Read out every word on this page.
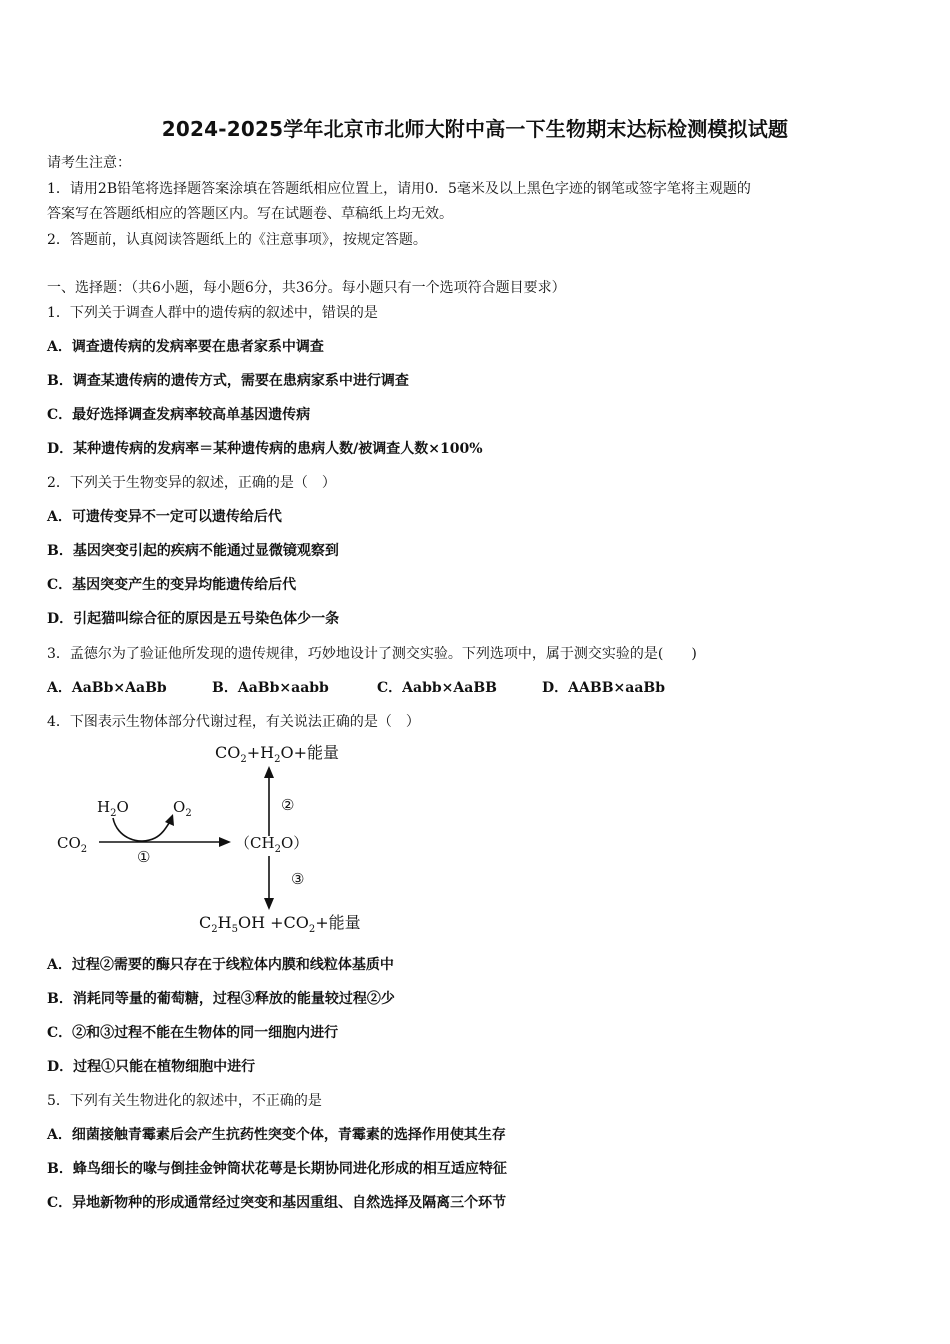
2024-2025学年北京市北师大附中高一下生物期末达标检测模拟试题
请考生注意：
1．请用2B铅笔将选择题答案涂填在答题纸相应位置上，请用0．5毫米及以上黑色字迹的钢笔或签字笔将主观题的
答案写在答题纸相应的答题区内。写在试题卷、草稿纸上均无效。
2．答题前，认真阅读答题纸上的《注意事项》，按规定答题。
一、选择题：（共6小题，每小题6分，共36分。每小题只有一个选项符合题目要求）
1．下列关于调查人群中的遗传病的叙述中，错误的是
A．调查遗传病的发病率要在患者家系中调查
B．调查某遗传病的遗传方式，需要在患病家系中进行调查
C．最好选择调查发病率较高单基因遗传病
D．某种遗传病的发病率＝某种遗传病的患病人数/被调查人数×100%
2．下列关于生物变异的叙述，正确的是（　）
A．可遗传变异不一定可以遗传给后代
B．基因突变引起的疾病不能通过显微镜观察到
C．基因突变产生的变异均能遗传给后代
D．引起猫叫综合征的原因是五号染色体少一条
3．孟德尔为了验证他所发现的遗传规律，巧妙地设计了测交实验。下列选项中，属于测交实验的是(　　)
A．AaBb×AaBb	B．AaBb×aabb	C．Aabb×AaBB	D．AABB×aaBb
4．下图表示生物体部分代谢过程，有关说法正确的是（　）
$CO_2+H_2O+$能量
②
$H_2O$	$O_2$
$CO_2$	①
$(CH_2O)$
③
$C_2H_5OH +CO_2+$能量
A．过程②需要的酶只存在于线粒体内膜和线粒体基质中
B．消耗同等量的葡萄糖，过程③释放的能量较过程②少
C．②和③过程不能在生物体的同一细胞内进行
D．过程①只能在植物细胞中进行
5．下列有关生物进化的叙述中，不正确的是
A．细菌接触青霉素后会产生抗药性突变个体，青霉素的选择作用使其生存
B．蜂鸟细长的喙与倒挂金钟筒状花萼是长期协同进化形成的相互适应特征
C．异地新物种的形成通常经过突变和基因重组、自然选择及隔离三个环节
